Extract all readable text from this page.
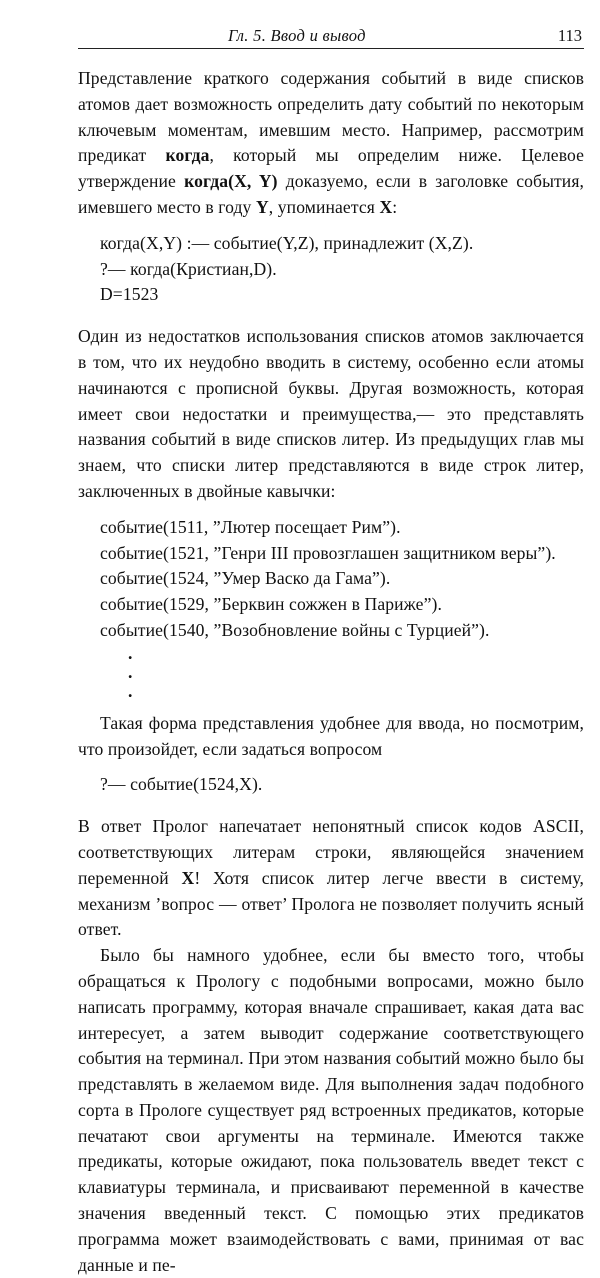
Гл. 5. Ввод и вывод	113

Представление краткого содержания событий в виде списков атомов дает возможность определить дату событий по некоторым ключевым моментам, имевшим место. Например, рассмотрим предикат когда, который мы определим ниже. Целевое утверждение когда(X, Y) доказуемо, если в заголовке события, имевшего место в году Y, упоминается X:

когда(X,Y) :— событие(Y,Z), принадлежит (X,Z).

?— когда(Кристиан,D).

D=1523

Один из недостатков использования списков атомов заключается в том, что их неудобно вводить в систему, особенно если атомы начинаются с прописной буквы. Другая возможность, которая имеет свои недостатки и преимущества,— это представлять названия событий в виде списков литер. Из предыдущих глав мы знаем, что списки литер представляются в виде строк литер, заключенных в двойные кавычки:

событие(1511, ”Лютер посещает Рим”).

событие(1521, ”Генри III провозглашен защитником веры”).

событие(1524, ”Умер Васко да Гама”).

событие(1529, ”Берквин сожжен в Париже”).

событие(1540, ”Возобновление войны с Турцией”).

.
.
.

Такая форма представления удобнее для ввода, но посмотрим, что произойдет, если задаться вопросом

?— событие(1524,X).

В ответ Пролог напечатает непонятный список кодов ASCII, соответствующих литерам строки, являющейся значением переменной X! Хотя список литер легче ввести в систему, механизм ’вопрос — ответ’ Пролога не позволяет получить ясный ответ.

Было бы намного удобнее, если бы вместо того, чтобы обращаться к Прологу с подобными вопросами, можно было написать программу, которая вначале спрашивает, какая дата вас интересует, а затем выводит содержание соответствующего события на терминал. При этом названия событий можно было бы представлять в желаемом виде. Для выполнения задач подобного сорта в Прологе существует ряд встроенных предикатов, которые печатают свои аргументы на терминале. Имеются также предикаты, которые ожидают, пока пользователь введет текст с клавиатуры терминала, и присваивают переменной в качестве значения введенный текст. С помощью этих предикатов программа может взаимодействовать с вами, принимая от вас данные и пе-
